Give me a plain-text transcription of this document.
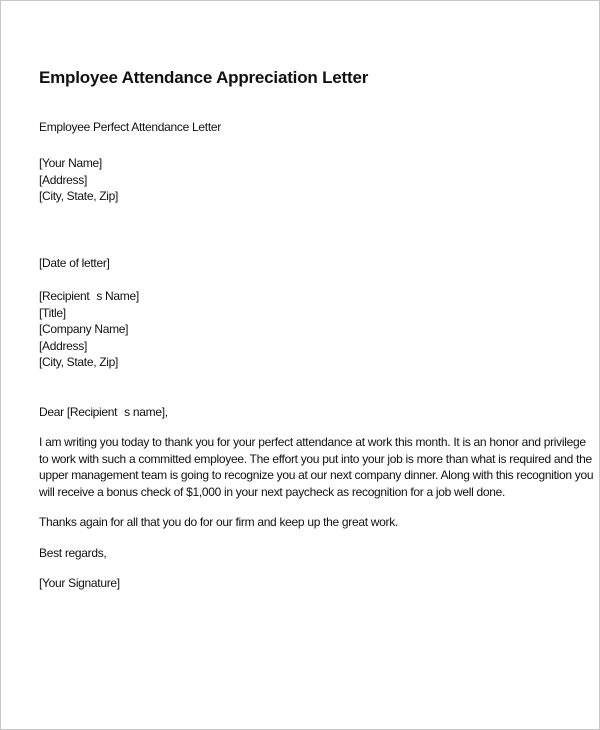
Employee Attendance Appreciation Letter
Employee Perfect Attendance Letter
[Your Name]
[Address]
[City, State, Zip]
[Date of letter]
[Recipients Name]
[Title]
[Company Name]
[Address]
[City, State, Zip]
Dear [Recipients name],
I am writing you today to thank you for your perfect attendance at work this month. It is an honor and privilege
to work with such a committed employee. The effort you put into your job is more than what is required and the
upper management team is going to recognize you at our next company dinner. Along with this recognition you
will receive a bonus check of $1,000 in your next paycheck as recognition for a job well done.
Thanks again for all that you do for our firm and keep up the great work.
Best regards,
[Your Signature]
